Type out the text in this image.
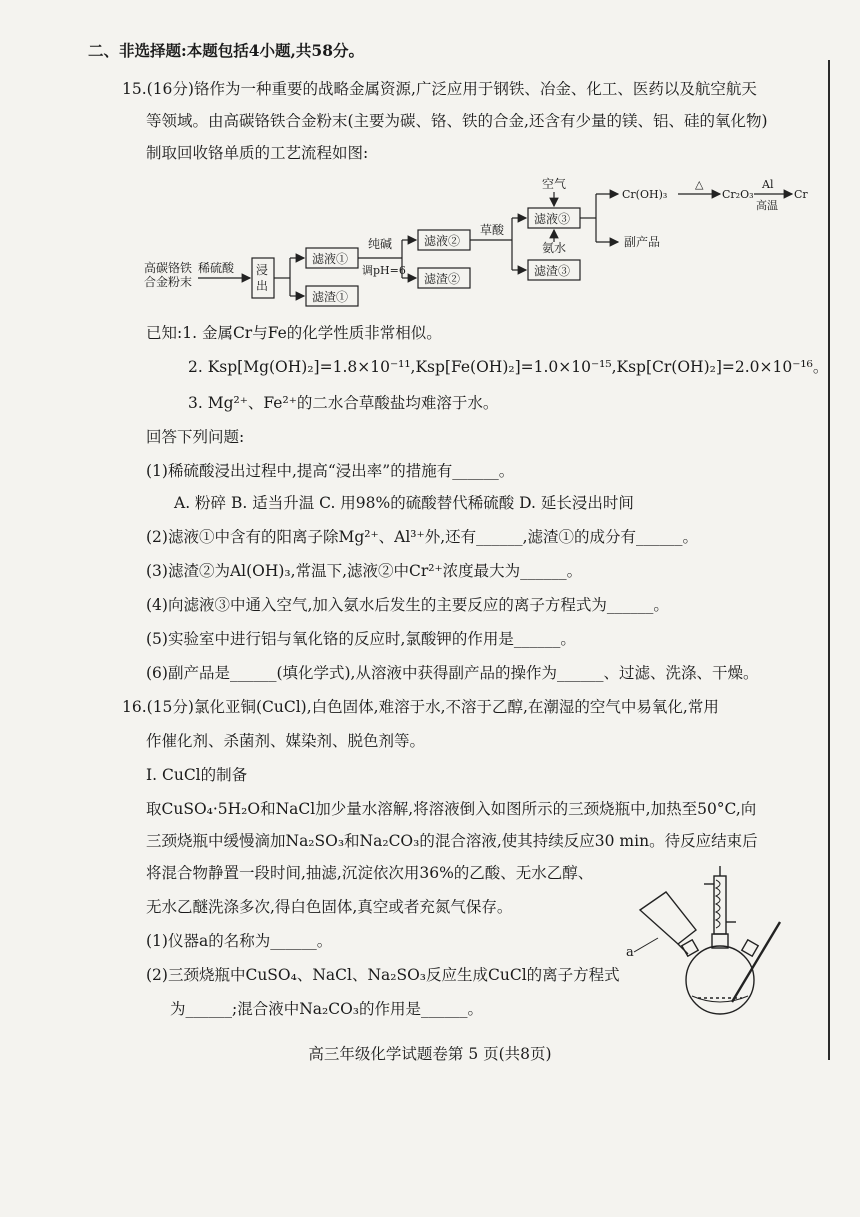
二、非选择题:本题包括4小题,共58分。
15.(16分)铬作为一种重要的战略金属资源,广泛应用于钢铁、冶金、化工、医药以及航空航天
等领域。由高碳铬铁合金粉末(主要为碳、铬、铁的合金,还含有少量的镁、铝、硅的氧化物)
制取回收铬单质的工艺流程如图:
高碳铬铁
合金粉末
稀硫酸 浸
出
滤液①
滤渣①
纯碱
调pH=6
滤液②
滤渣②
草酸
滤液③
滤渣③
空气
氨水
Cr(OH)₃
△
Cr₂O₃
Al
高温
Cr
副产品
已知:1. 金属Cr与Fe的化学性质非常相似。
2. Ksp[Mg(OH)₂]=1.8×10⁻¹¹,Ksp[Fe(OH)₂]=1.0×10⁻¹⁵,Ksp[Cr(OH)₂]=2.0×10⁻¹⁶。
3. Mg²⁺、Fe²⁺的二水合草酸盐均难溶于水。
回答下列问题:
(1)稀硫酸浸出过程中,提高“浸出率”的措施有______。
A. 粉碎 B. 适当升温 C. 用98%的硫酸替代稀硫酸 D. 延长浸出时间
(2)滤液①中含有的阳离子除Mg²⁺、Al³⁺外,还有______,滤渣①的成分有______。
(3)滤渣②为Al(OH)₃,常温下,滤液②中Cr²⁺浓度最大为______。
(4)向滤液③中通入空气,加入氨水后发生的主要反应的离子方程式为______。
(5)实验室中进行铝与氧化铬的反应时,氯酸钾的作用是______。
(6)副产品是______(填化学式),从溶液中获得副产品的操作为______、过滤、洗涤、干燥。
16.(15分)氯化亚铜(CuCl),白色固体,难溶于水,不溶于乙醇,在潮湿的空气中易氧化,常用
作催化剂、杀菌剂、媒染剂、脱色剂等。
I. CuCl的制备
取CuSO₄·5H₂O和NaCl加少量水溶解,将溶液倒入如图所示的三颈烧瓶中,加热至50°C,向
三颈烧瓶中缓慢滴加Na₂SO₃和Na₂CO₃的混合溶液,使其持续反应30 min。待反应结束后
将混合物静置一段时间,抽滤,沉淀依次用36%的乙酸、无水乙醇、
无水乙醚洗涤多次,得白色固体,真空或者充氮气保存。
(1)仪器a的名称为______。
(2)三颈烧瓶中CuSO₄、NaCl、Na₂SO₃反应生成CuCl的离子方程式
为______;混合液中Na₂CO₃的作用是______。
a
高三年级化学试题卷第 5 页(共8页)
